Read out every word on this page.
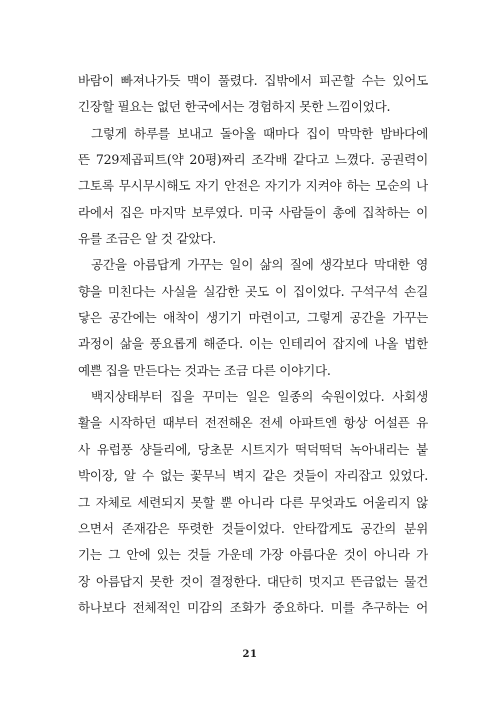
바람이 빠져나가듯 맥이 풀렸다. 집밖에서 피곤할 수는 있어도
긴장할 필요는 없던 한국에서는 경험하지 못한 느낌이었다.
그렇게 하루를 보내고 돌아올 때마다 집이 막막한 밤바다에
뜬 729제곱피트(약 20평)짜리 조각배 같다고 느꼈다. 공권력이
그토록 무시무시해도 자기 안전은 자기가 지켜야 하는 모순의 나
라에서 집은 마지막 보루였다. 미국 사람들이 총에 집착하는 이
유를 조금은 알 것 같았다.
공간을 아름답게 가꾸는 일이 삶의 질에 생각보다 막대한 영
향을 미친다는 사실을 실감한 곳도 이 집이었다. 구석구석 손길
닿은 공간에는 애착이 생기기 마련이고, 그렇게 공간을 가꾸는
과정이 삶을 풍요롭게 해준다. 이는 인테리어 잡지에 나올 법한
예쁜 집을 만든다는 것과는 조금 다른 이야기다.
백지상태부터 집을 꾸미는 일은 일종의 숙원이었다. 사회생
활을 시작하던 때부터 전전해온 전세 아파트엔 항상 어설픈 유
사 유럽풍 샹들리에, 당초문 시트지가 떡덕떡덕 녹아내리는 붙
박이장, 알 수 없는 꽃무늬 벽지 같은 것들이 자리잡고 있었다.
그 자체로 세련되지 못할 뿐 아니라 다른 무엇과도 어울리지 않
으면서 존재감은 뚜렷한 것들이었다. 안타깝게도 공간의 분위
기는 그 안에 있는 것들 가운데 가장 아름다운 것이 아니라 가
장 아름답지 못한 것이 결정한다. 대단히 멋지고 뜬금없는 물건
하나보다 전체적인 미감의 조화가 중요하다. 미를 추구하는 어
21
